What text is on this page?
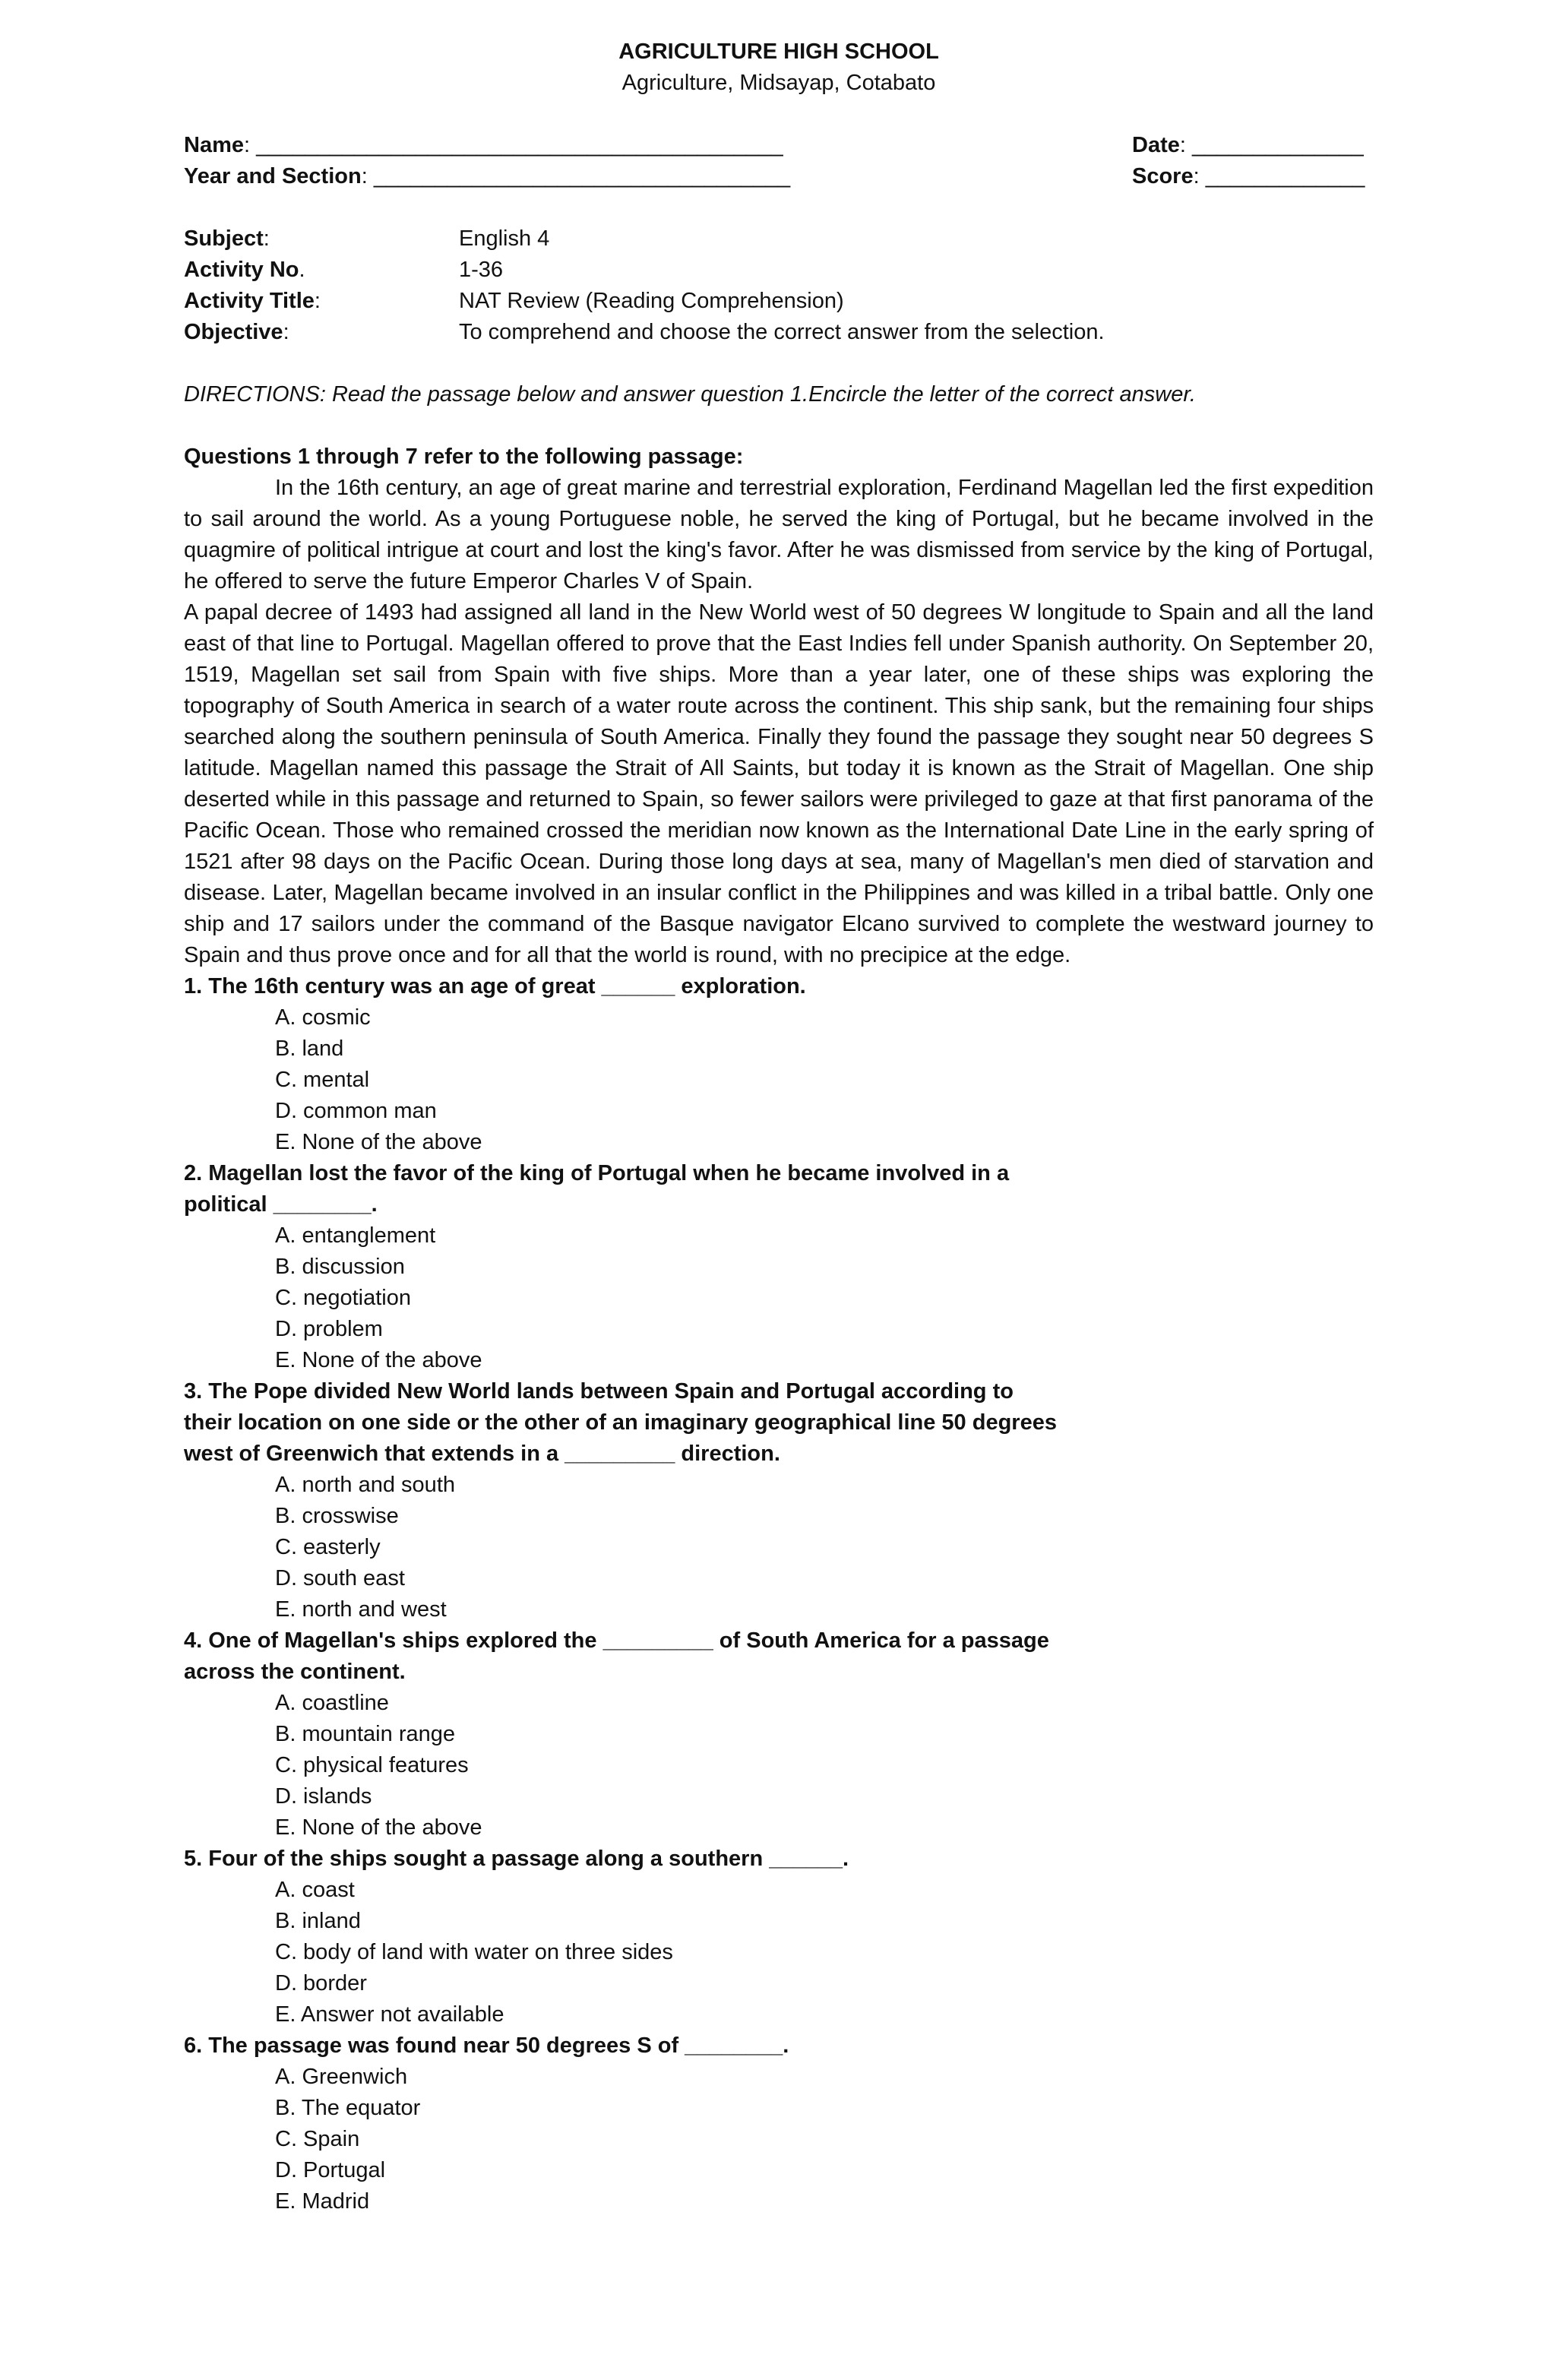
AGRICULTURE HIGH SCHOOL
Agriculture, Midsayap, Cotabato
Name: ___________________________________________	Date: ______________
Year and Section: __________________________________	Score: _____________
Subject:	English 4
Activity No.	1-36
Activity Title:	NAT Review (Reading Comprehension)
Objective:	To comprehend and choose the correct answer from the selection.
DIRECTIONS: Read the passage below and answer question 1.Encircle the letter of the correct answer.
Questions 1 through 7 refer to the following passage:
In the 16th century, an age of great marine and terrestrial exploration, Ferdinand Magellan led the first expedition to sail around the world. As a young Portuguese noble, he served the king of Portugal, but he became involved in the quagmire of political intrigue at court and lost the king's favor. After he was dismissed from service by the king of Portugal, he offered to serve the future Emperor Charles V of Spain.
A papal decree of 1493 had assigned all land in the New World west of 50 degrees W longitude to Spain and all the land east of that line to Portugal. Magellan offered to prove that the East Indies fell under Spanish authority. On September 20, 1519, Magellan set sail from Spain with five ships. More than a year later, one of these ships was exploring the topography of South America in search of a water route across the continent. This ship sank, but the remaining four ships searched along the southern peninsula of South America. Finally they found the passage they sought near 50 degrees S latitude. Magellan named this passage the Strait of All Saints, but today it is known as the Strait of Magellan. One ship deserted while in this passage and returned to Spain, so fewer sailors were privileged to gaze at that first panorama of the Pacific Ocean. Those who remained crossed the meridian now known as the International Date Line in the early spring of 1521 after 98 days on the Pacific Ocean. During those long days at sea, many of Magellan's men died of starvation and disease. Later, Magellan became involved in an insular conflict in the Philippines and was killed in a tribal battle. Only one ship and 17 sailors under the command of the Basque navigator Elcano survived to complete the westward journey to Spain and thus prove once and for all that the world is round, with no precipice at the edge.
1. The 16th century was an age of great ______ exploration.
A. cosmic
B. land
C. mental
D. common man
E. None of the above
2. Magellan lost the favor of the king of Portugal when he became involved in a
political ________.
A. entanglement
B. discussion
C. negotiation
D. problem
E. None of the above
3. The Pope divided New World lands between Spain and Portugal according to
their location on one side or the other of an imaginary geographical line 50 degrees
west of Greenwich that extends in a _________ direction.
A. north and south
B. crosswise
C. easterly
D. south east
E. north and west
4. One of Magellan's ships explored the _________ of South America for a passage
across the continent.
A. coastline
B. mountain range
C. physical features
D. islands
E. None of the above
5. Four of the ships sought a passage along a southern ______.
A. coast
B. inland
C. body of land with water on three sides
D. border
E. Answer not available
6. The passage was found near 50 degrees S of ________.
A. Greenwich
B. The equator
C. Spain
D. Portugal
E. Madrid
